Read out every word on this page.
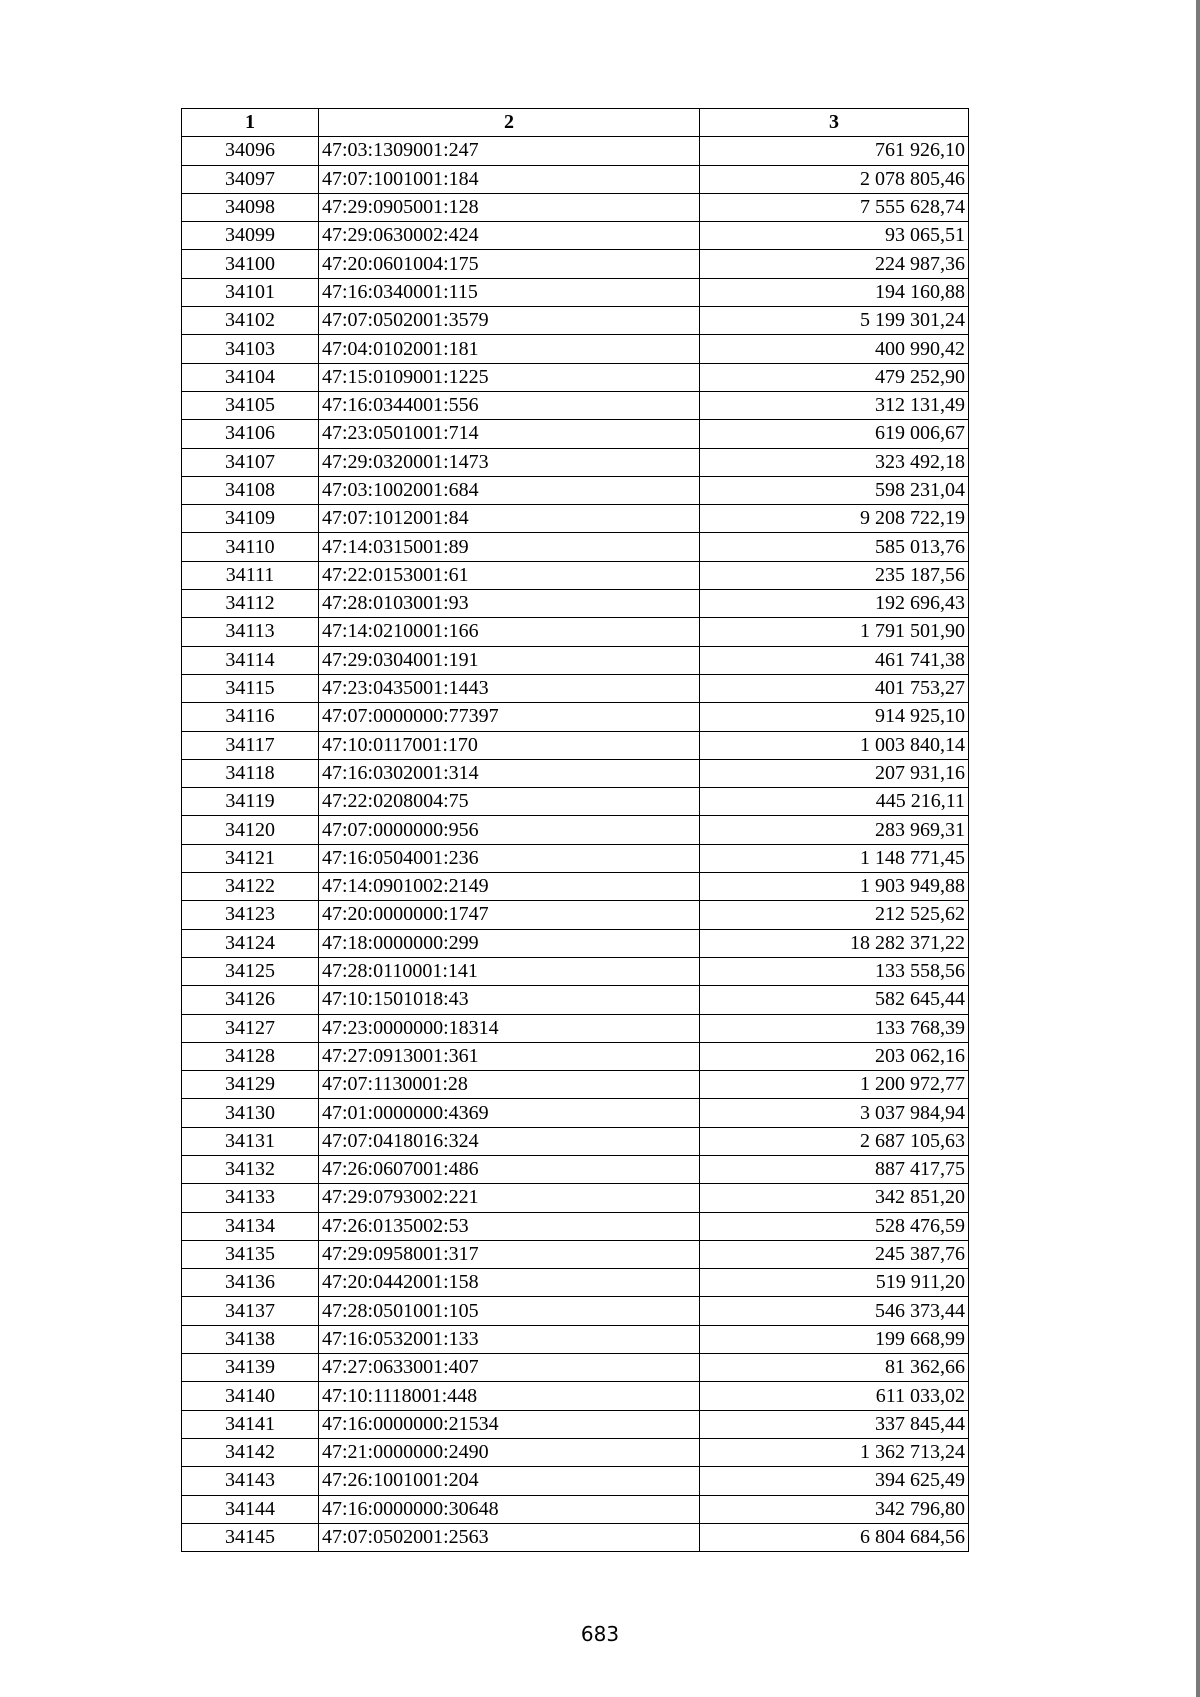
1	2	3
34096	47:03:1309001:247	761 926,10
34097	47:07:1001001:184	2 078 805,46
34098	47:29:0905001:128	7 555 628,74
34099	47:29:0630002:424	93 065,51
34100	47:20:0601004:175	224 987,36
34101	47:16:0340001:115	194 160,88
34102	47:07:0502001:3579	5 199 301,24
34103	47:04:0102001:181	400 990,42
34104	47:15:0109001:1225	479 252,90
34105	47:16:0344001:556	312 131,49
34106	47:23:0501001:714	619 006,67
34107	47:29:0320001:1473	323 492,18
34108	47:03:1002001:684	598 231,04
34109	47:07:1012001:84	9 208 722,19
34110	47:14:0315001:89	585 013,76
34111	47:22:0153001:61	235 187,56
34112	47:28:0103001:93	192 696,43
34113	47:14:0210001:166	1 791 501,90
34114	47:29:0304001:191	461 741,38
34115	47:23:0435001:1443	401 753,27
34116	47:07:0000000:77397	914 925,10
34117	47:10:0117001:170	1 003 840,14
34118	47:16:0302001:314	207 931,16
34119	47:22:0208004:75	445 216,11
34120	47:07:0000000:956	283 969,31
34121	47:16:0504001:236	1 148 771,45
34122	47:14:0901002:2149	1 903 949,88
34123	47:20:0000000:1747	212 525,62
34124	47:18:0000000:299	18 282 371,22
34125	47:28:0110001:141	133 558,56
34126	47:10:1501018:43	582 645,44
34127	47:23:0000000:18314	133 768,39
34128	47:27:0913001:361	203 062,16
34129	47:07:1130001:28	1 200 972,77
34130	47:01:0000000:4369	3 037 984,94
34131	47:07:0418016:324	2 687 105,63
34132	47:26:0607001:486	887 417,75
34133	47:29:0793002:221	342 851,20
34134	47:26:0135002:53	528 476,59
34135	47:29:0958001:317	245 387,76
34136	47:20:0442001:158	519 911,20
34137	47:28:0501001:105	546 373,44
34138	47:16:0532001:133	199 668,99
34139	47:27:0633001:407	81 362,66
34140	47:10:1118001:448	611 033,02
34141	47:16:0000000:21534	337 845,44
34142	47:21:0000000:2490	1 362 713,24
34143	47:26:1001001:204	394 625,49
34144	47:16:0000000:30648	342 796,80
34145	47:07:0502001:2563	6 804 684,56
683
